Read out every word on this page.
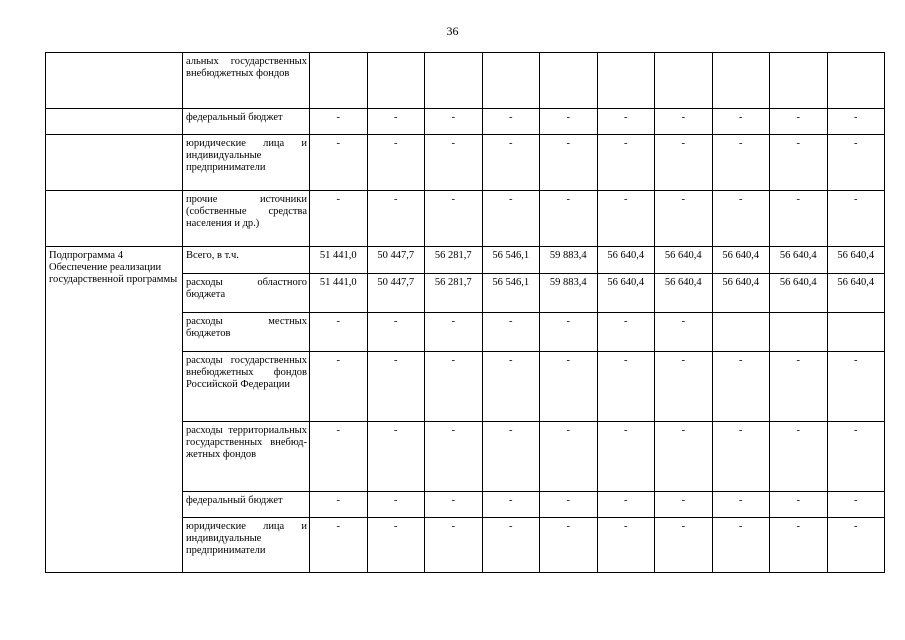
36
	альных государственных внебюджетных фондов										
	федеральный бюджет	-	-	-	-	-	-	-	-	-	-
	юридические лица и индивидуальные предприниматели	-	-	-	-	-	-	-	-	-	-
	прочие источники (собственные средства населения и др.)	-	-	-	-	-	-	-	-	-	-
Подпрограмма 4 Обеспечение реализации государственной программы	Всего, в т.ч.	51 441,0	50 447,7	56 281,7	56 546,1	59 883,4	56 640,4	56 640,4	56 640,4	56 640,4	56 640,4
	расходы областного бюджета	51 441,0	50 447,7	56 281,7	56 546,1	59 883,4	56 640,4	56 640,4	56 640,4	56 640,4	56 640,4
	расходы местных бюджетов	-	-	-	-	-	-	-			
	расходы государственных внебюджетных фондов Российской Федерации	-	-	-	-	-	-	-	-	-	-
	расходы территориальных государственных внебюджетных фондов	-	-	-	-	-	-	-	-	-	-
	федеральный бюджет	-	-	-	-	-	-	-	-	-	-
	юридические лица и индивидуальные предприниматели	-	-	-	-	-	-	-	-	-	-
